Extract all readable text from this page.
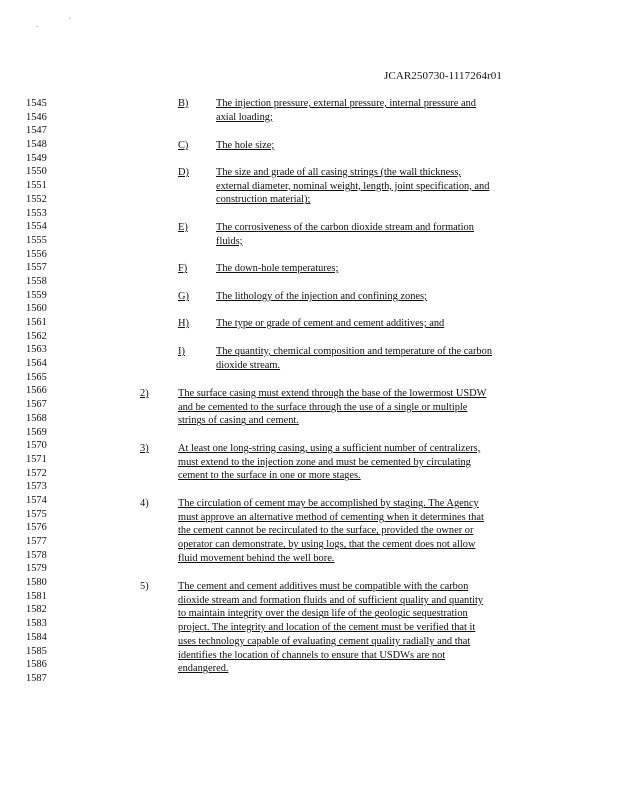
.	'
JCAR250730-1117264r01
1545
1546
1547
1548
1549
1550
1551
1552
1553
1554
1555
1556
1557
1558
1559
1560
1561
1562
1563
1564
1565
1566
1567
1568
1569
1570
1571
1572
1573
1574
1575
1576
1577
1578
1579
1580
1581
1582
1583
1584
1585
1586
1587
B)	The injection pressure, external pressure, internal pressure and
axial loading;
C)	The hole size;
D)	The size and grade of all casing strings (the wall thickness,
external diameter, nominal weight, length, joint specification, and
construction material);
E)	The corrosiveness of the carbon dioxide stream and formation
fluids;
F)	The down-hole temperatures;
G)	The lithology of the injection and confining zones;
H)	The type or grade of cement and cement additives; and
I)	The quantity, chemical composition and temperature of the carbon
dioxide stream.
2)	The surface casing must extend through the base of the lowermost USDW
and be cemented to the surface through the use of a single or multiple
strings of casing and cement.
3)	At least one long-string casing, using a sufficient number of centralizers,
must extend to the injection zone and must be cemented by circulating
cement to the surface in one or more stages.
4)	The circulation of cement may be accomplished by staging. The Agency
must approve an alternative method of cementing when it determines that
the cement cannot be recirculated to the surface, provided the owner or
operator can demonstrate, by using logs, that the cement does not allow
fluid movement behind the well bore.
5)	The cement and cement additives must be compatible with the carbon
dioxide stream and formation fluids and of sufficient quality and quantity
to maintain integrity over the design life of the geologic sequestration
project. The integrity and location of the cement must be verified that it
uses technology capable of evaluating cement quality radially and that
identifies the location of channels to ensure that USDWs are not
endangered.
